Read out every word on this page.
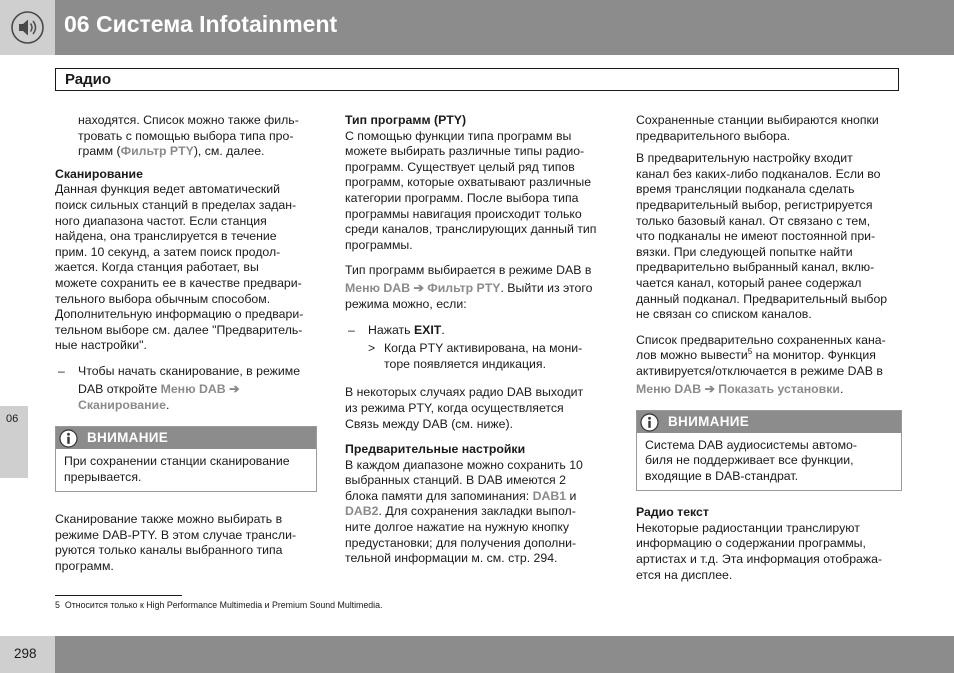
06 Система Infotainment
Радио

находятся. Список можно также филь-
тровать с помощью выбора типа про-
грамм (Фильтр PTY), см. далее.

Сканирование

Данная функция ведет автоматический
поиск сильных станций в пределах задан-
ного диапазона частот. Если станция
найдена, она транслируется в течение
прим. 10 секунд, а затем поиск продол-
жается. Когда станция работает, вы
можете сохранить ее в качестве предвари-
тельного выбора обычным способом.
Дополнительную информацию о предвари-
тельном выборе см. далее "Предваритель-
ные настройки".

– Чтобы начать сканирование, в режиме
DAB откройте Меню DAB ➔
Сканирование.
ВНИМАНИЕ
При сохранении станции сканирование
прерывается.

Сканирование также можно выбирать в
режиме DAB-PTY. В этом случае трансли-
руются только каналы выбранного типа
программ.

Тип программ (PTY)

С помощью функции типа программ вы
можете выбирать различные типы радио-
программ. Существует целый ряд типов
программ, которые охватывают различные
категории программ. После выбора типа
программы навигация происходит только
среди каналов, транслирующих данный тип
программы.

Тип программ выбирается в режиме DAB в
Меню DAB ➔ Фильтр PTY. Выйти из этого
режима можно, если:

– Нажать EXIT.
> Когда PTY активирована, на мони-
торе появляется индикация.

В некоторых случаях радио DAB выходит
из режима PTY, когда осуществляется
Связь между DAB (см. ниже).

Предварительные настройки

В каждом диапазоне можно сохранить 10
выбранных станций. В DAB имеются 2
блока памяти для запоминания: DAB1 и
DAB2. Для сохранения закладки выпол-
ните долгое нажатие на нужную кнопку
предустановки; для получения дополни-
тельной информации м. см. стр. 294.

Сохраненные станции выбираются кнопки
предварительного выбора.

В предварительную настройку входит
канал без каких-либо подканалов. Если во
время трансляции подканала сделать
предварительный выбор, регистрируется
только базовый канал. От связано с тем,
что подканалы не имеют постоянной при-
вязки. При следующей попытке найти
предварительно выбранный канал, вклю-
чается канал, который ранее содержал
данный подканал. Предварительный выбор
не связан со списком каналов.

Список предварительно сохраненных кана-
лов можно вывести$^5$ на монитор. Функция
активируется/отключается в режиме DAB в
Меню DAB ➔ Показать установки.

ВНИМАНИЕ
Система DAB аудиосистемы автомо-
биля не поддерживает все функции,
входящие в DAB-стандрат.
Радио текст

Некоторые радиостанции транслируют
информацию о содержании программы,
артистах и т.д. Эта информация отобража-
ется на дисплее.

06
5 Относится только к High Performance Multimedia и Premium Sound Multimedia.
298
